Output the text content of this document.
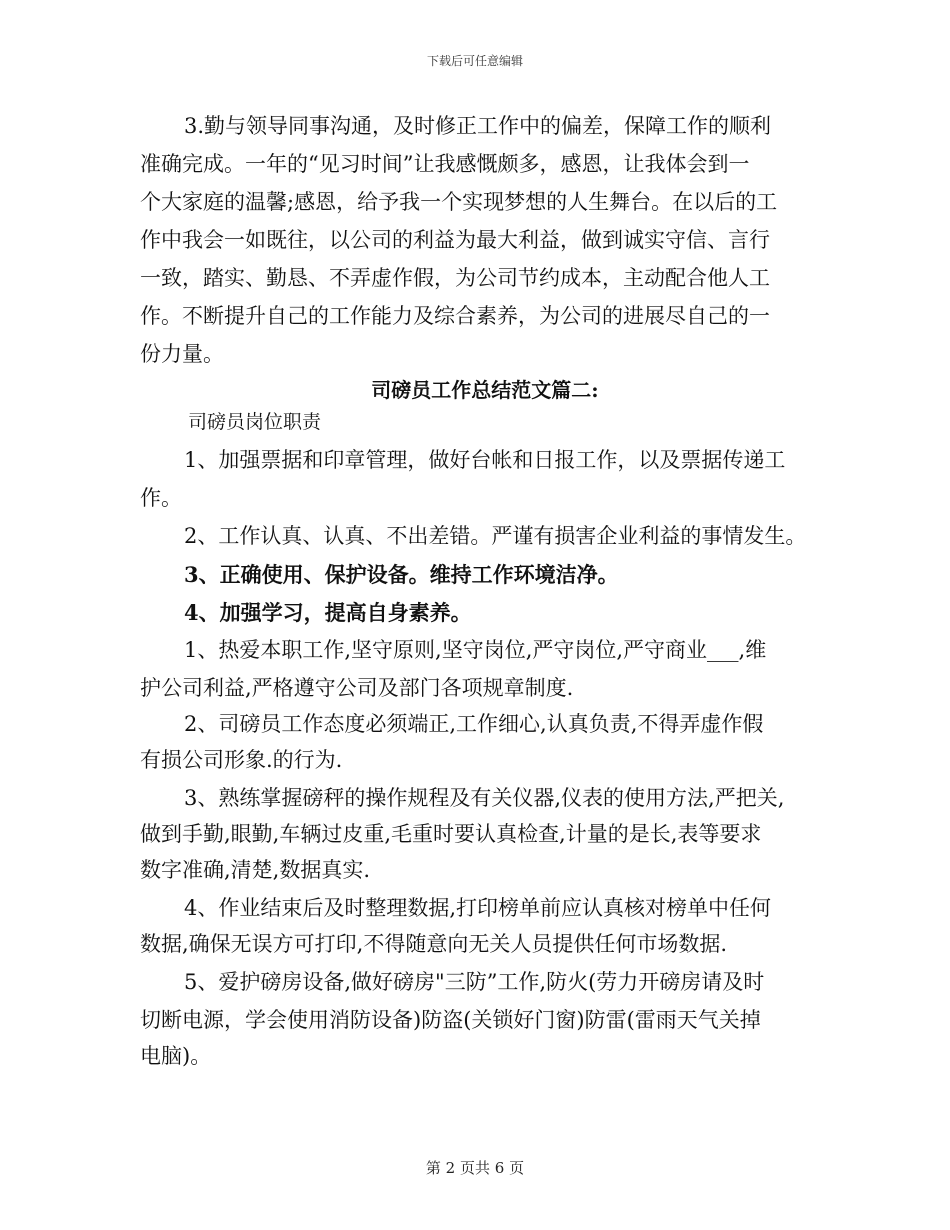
下载后可任意编辑
3.勤与领导同事沟通，及时修正工作中的偏差，保障工作的顺利
准确完成。一年的“见习时间”让我感慨颇多，感恩，让我体会到一
个大家庭的温馨;感恩，给予我一个实现梦想的人生舞台。在以后的工
作中我会一如既往，以公司的利益为最大利益，做到诚实守信、言行
一致，踏实、勤恳、不弄虚作假，为公司节约成本，主动配合他人工
作。不断提升自己的工作能力及综合素养，为公司的进展尽自己的一
份力量。
司磅员工作总结范文篇二:
司磅员岗位职责
1、加强票据和印章管理，做好台帐和日报工作，以及票据传递工
作。
2、工作认真、认真、不出差错。严谨有损害企业利益的事情发生。
3、正确使用、保护设备。维持工作环境洁净。
4、加强学习，提高自身素养。
1、热爱本职工作,坚守原则,坚守岗位,严守岗位,严守商业___,维
护公司利益,严格遵守公司及部门各项规章制度.
2、司磅员工作态度必须端正,工作细心,认真负责,不得弄虚作假
有损公司形象.的行为.
3、熟练掌握磅秤的操作规程及有关仪器,仪表的使用方法,严把关,
做到手勤,眼勤,车辆过皮重,毛重时要认真检查,计量的是长,表等要求
数字准确,清楚,数据真实.
4、作业结束后及时整理数据,打印榜单前应认真核对榜单中任何
数据,确保无误方可打印,不得随意向无关人员提供任何市场数据.
5、爱护磅房设备,做好磅房"三防”工作,防火(劳力开磅房请及时
切断电源，学会使用消防设备)防盗(关锁好门窗)防雷(雷雨天气关掉
电脑)。
第 2 页共 6 页
